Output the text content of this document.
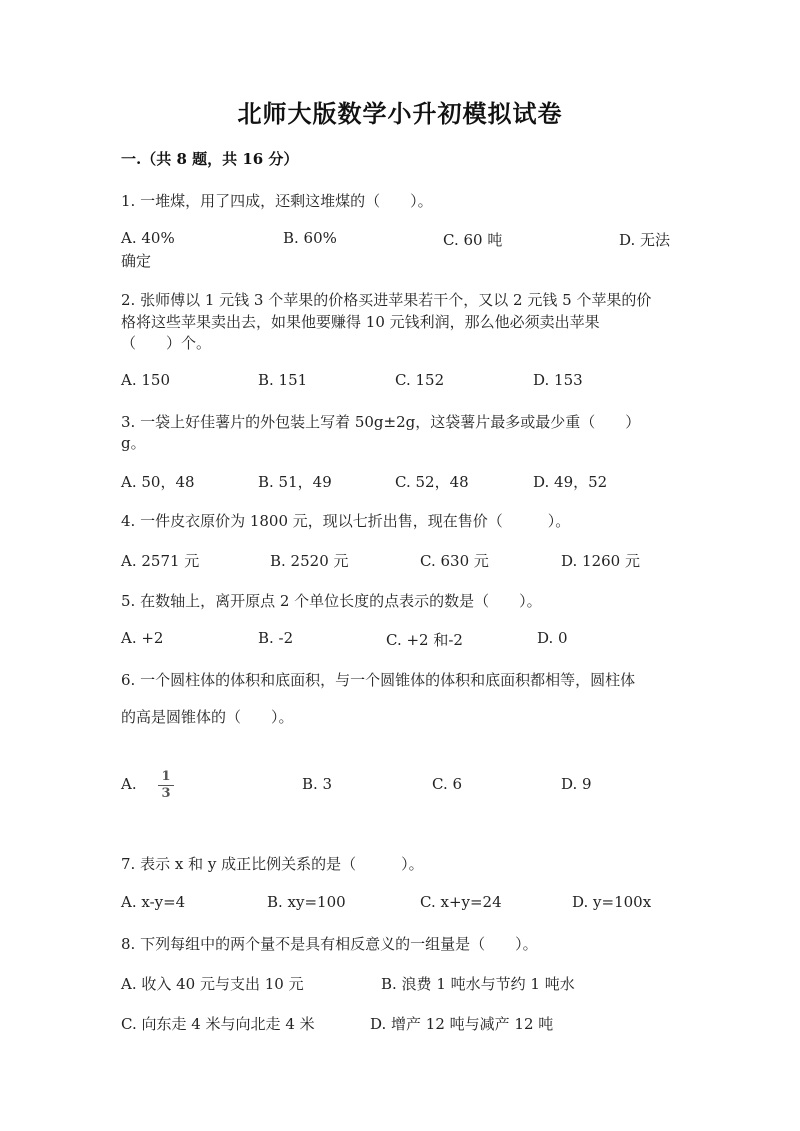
北师大版数学小升初模拟试卷
一.（共 8 题，共 16 分）
1. 一堆煤，用了四成，还剩这堆煤的（　　）。
A. 40%	B. 60%	C. 60 吨	D. 无法
确定
2. 张师傅以 1 元钱 3 个苹果的价格买进苹果若干个，又以 2 元钱 5 个苹果的价
格将这些苹果卖出去，如果他要赚得 10 元钱利润，那么他必须卖出苹果
（　　）个。
A. 150	B. 151	C. 152	D. 153
3. 一袋上好佳薯片的外包装上写着 50g±2g，这袋薯片最多或最少重（　　）
g。
A. 50，48	B. 51，49	C. 52，48	D. 49，52
4. 一件皮衣原价为 1800 元，现以七折出售，现在售价（　　　）。
A. 2571 元	B. 2520 元	C. 630 元	D. 1260 元
5. 在数轴上，离开原点 2 个单位长度的点表示的数是（　　）。
A. +2	B. -2	C. +2 和-2	D. 0
6. 一个圆柱体的体积和底面积，与一个圆锥体的体积和底面积都相等，圆柱体
的高是圆锥体的（　　）。
A. 1
3
B. 3	C. 6	D. 9
7. 表示 x 和 y 成正比例关系的是（　　　）。
A. x-y=4	B. xy=100	C. x+y=24	D. y=100x
8. 下列每组中的两个量不是具有相反意义的一组量是（　　）。
A. 收入 40 元与支出 10 元	B. 浪费 1 吨水与节约 1 吨水
C. 向东走 4 米与向北走 4 米	D. 增产 12 吨与减产 12 吨
